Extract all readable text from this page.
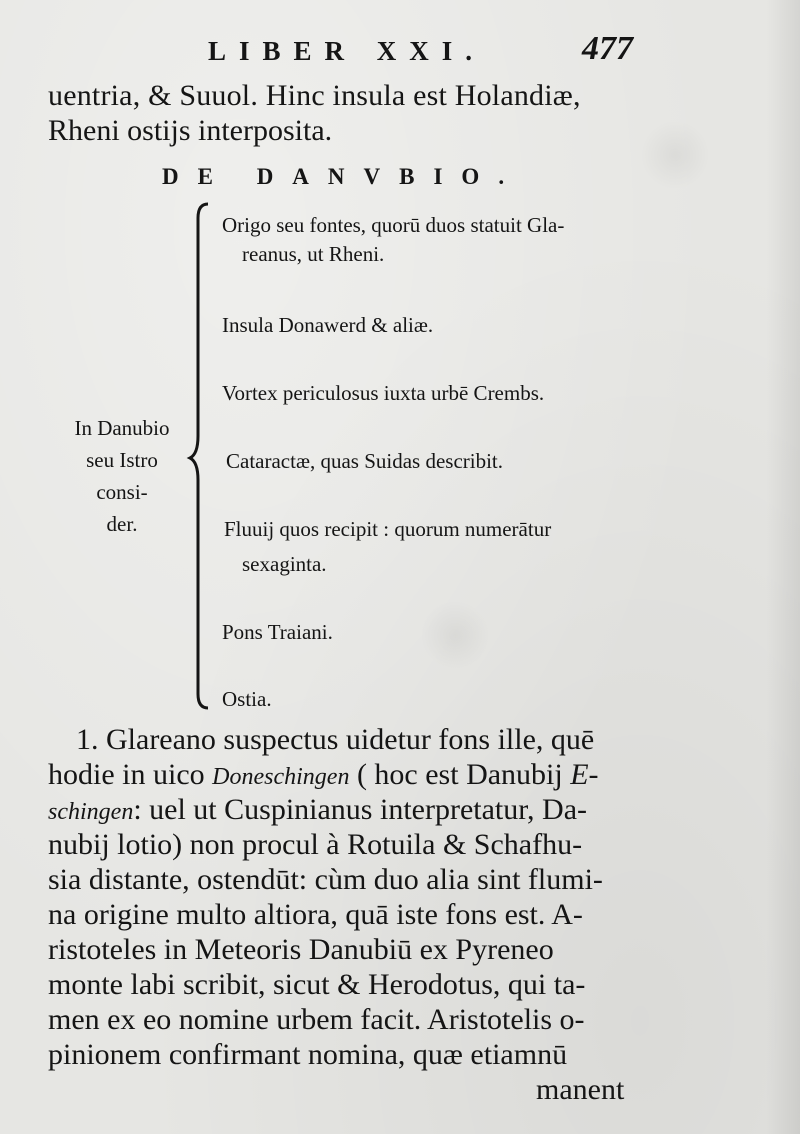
LIBER XXI.	477
uentria, & Suuol. Hinc insula est Holandiæ,
Rheni ostijs interposita.
DE DANVBIO.
In Danubio
seu Istro
consi-
der.
Origo seu fontes, quorū duos statuit Gla-
reanus, ut Rheni.
Insula Donawerd & aliæ.
Vortex periculosus iuxta urbē Crembs.
Cataractæ, quas Suidas describit.
Fluuij quos recipit : quorum numerātur
sexaginta.
Pons Traiani.
Ostia.
1. Glareano suspectus uidetur fons ille, quē
hodie in uico Doneschingen ( hoc est Danubij E-
schingen: uel ut Cuspinianus interpretatur, Da-
nubij lotio) non procul à Rotuila & Schafhu-
sia distante, ostendūt: cùm duo alia sint flumi-
na origine multo altiora, quā iste fons est. A-
ristoteles in Meteoris Danubiū ex Pyreneo
monte labi scribit, sicut & Herodotus, qui ta-
men ex eo nomine urbem facit. Aristotelis o-
pinionem confirmant nomina, quæ etiamnū
manent
